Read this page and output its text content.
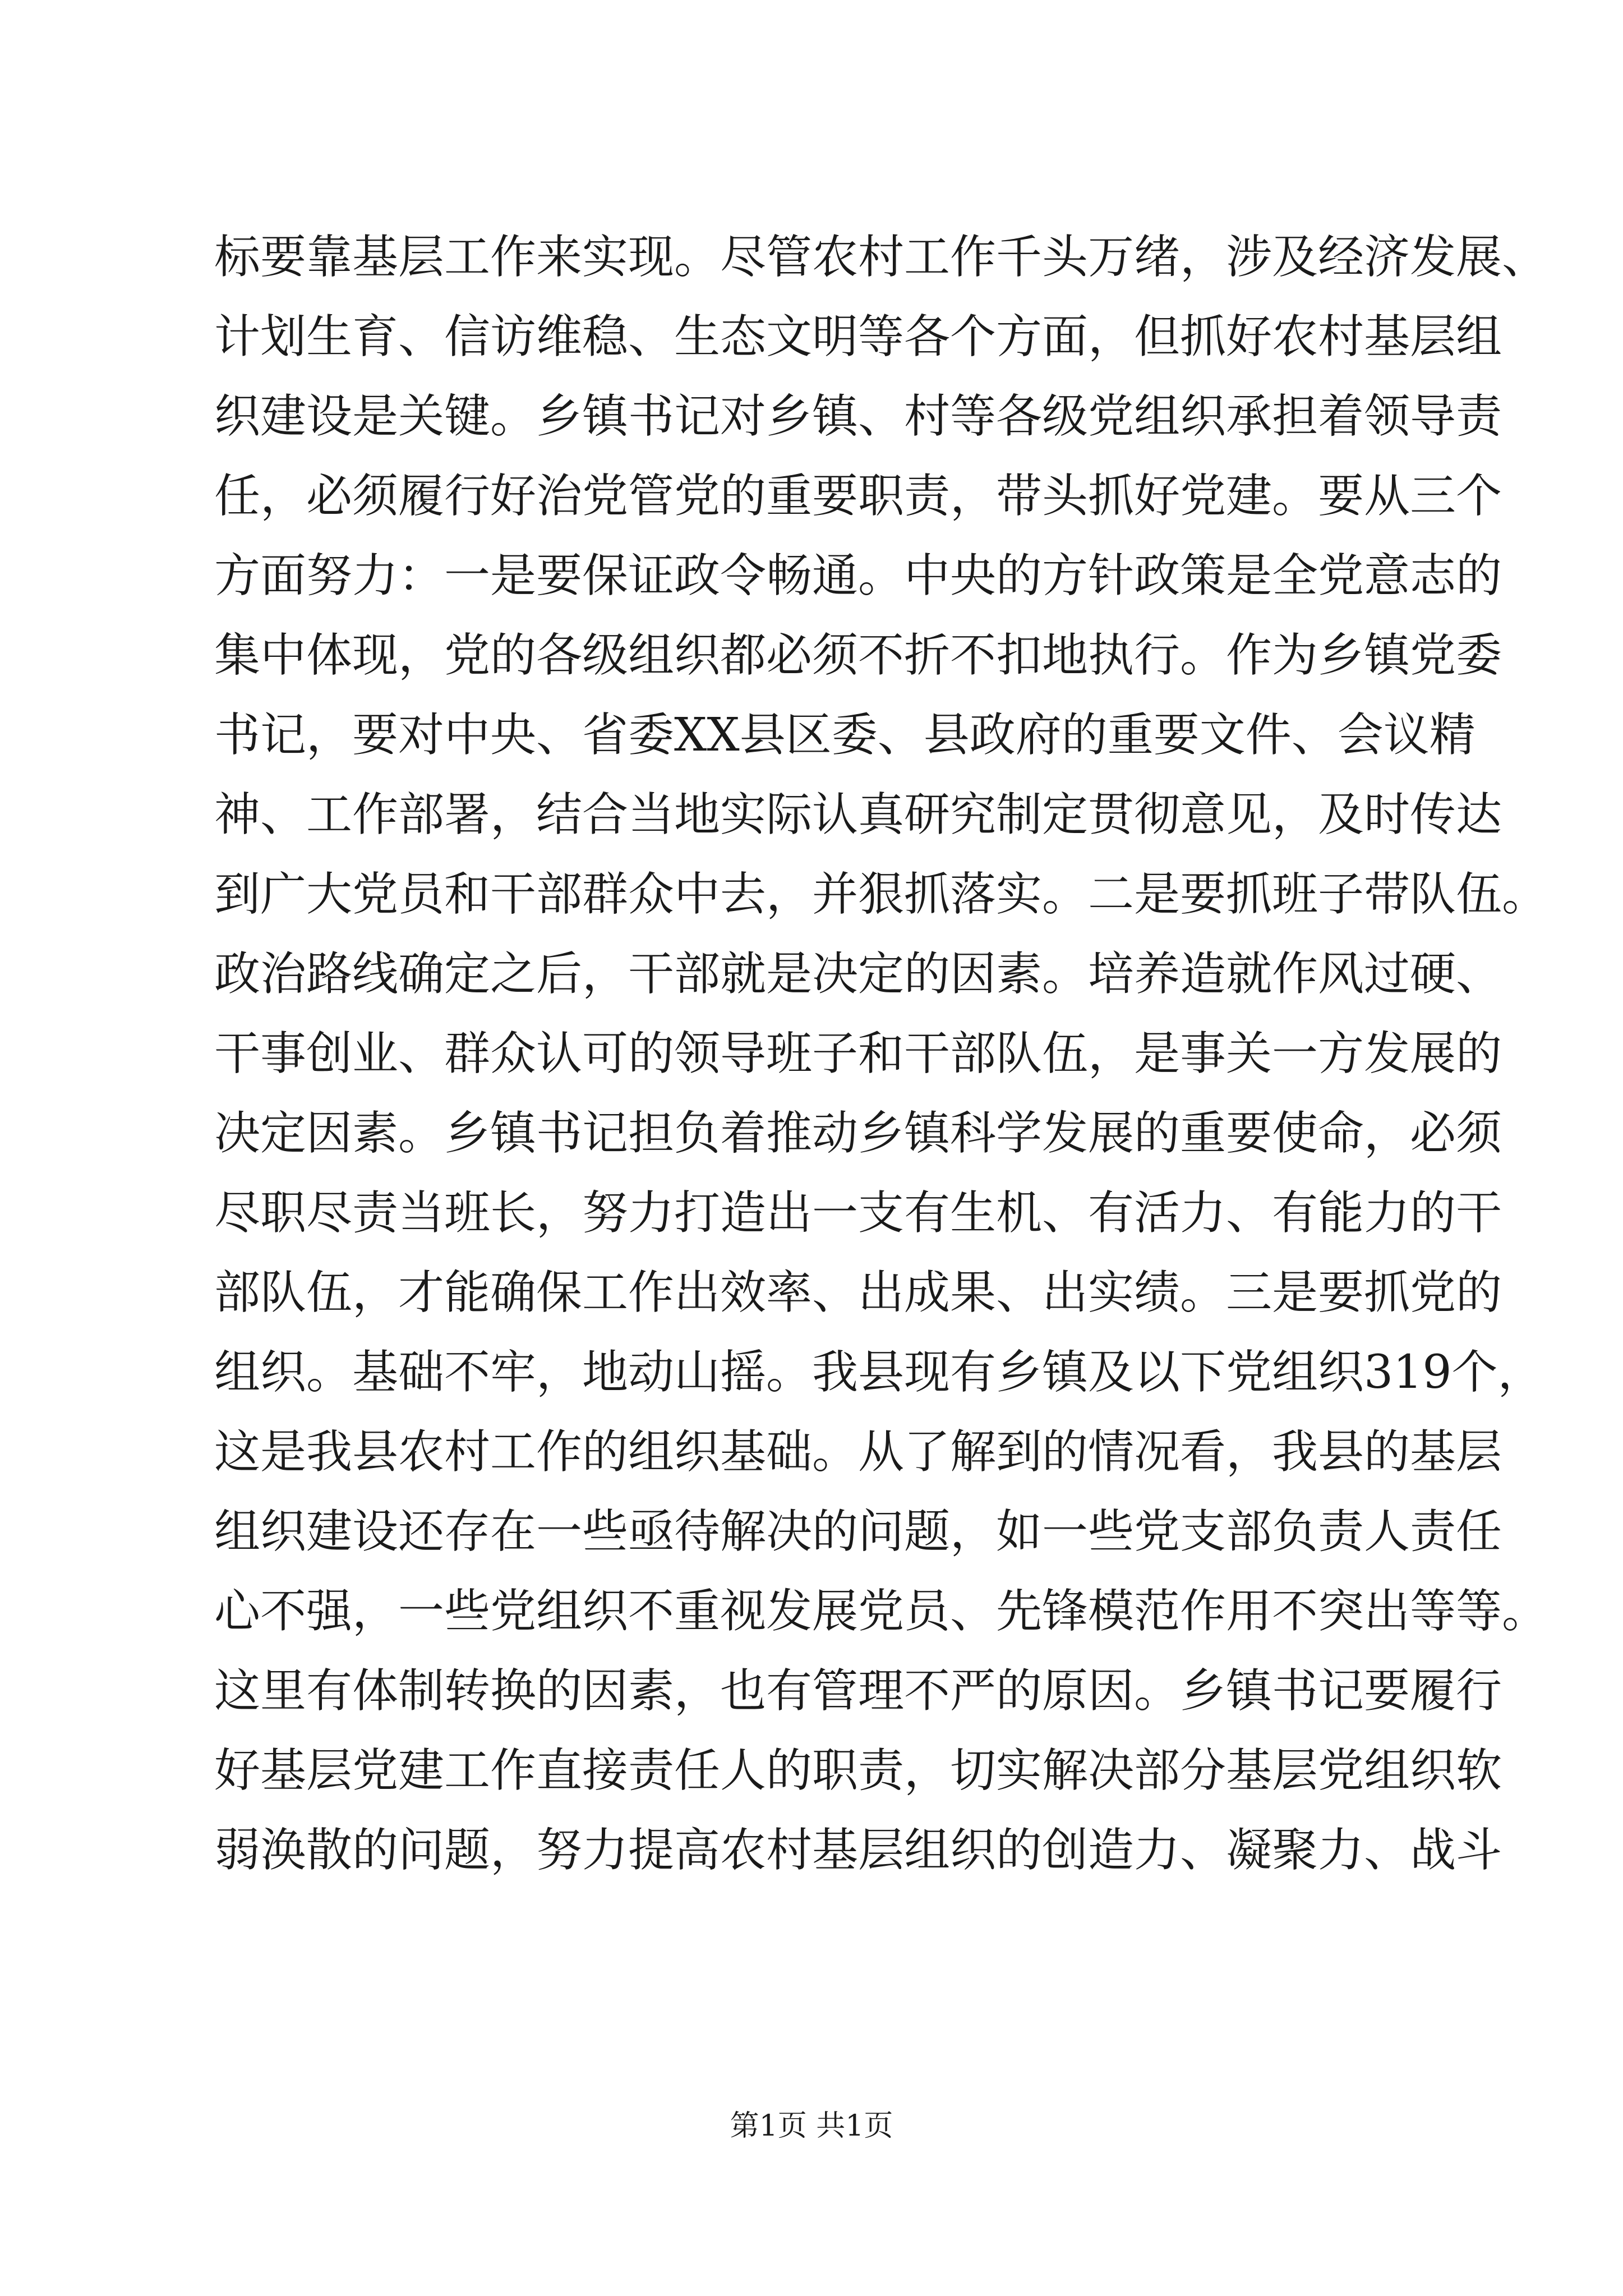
标要靠基层工作来实现。尽管农村工作千头万绪，涉及经济发展、
计划生育、信访维稳、生态文明等各个方面，但抓好农村基层组
织建设是关键。乡镇书记对乡镇、村等各级党组织承担着领导责
任，必须履行好治党管党的重要职责，带头抓好党建。要从三个
方面努力：一是要保证政令畅通。中央的方针政策是全党意志的
集中体现，党的各级组织都必须不折不扣地执行。作为乡镇党委
书记，要对中央、省委XX县区委、县政府的重要文件、会议精
神、工作部署，结合当地实际认真研究制定贯彻意见，及时传达
到广大党员和干部群众中去，并狠抓落实。二是要抓班子带队伍。
政治路线确定之后，干部就是决定的因素。培养造就作风过硬、
干事创业、群众认可的领导班子和干部队伍，是事关一方发展的
决定因素。乡镇书记担负着推动乡镇科学发展的重要使命，必须
尽职尽责当班长，努力打造出一支有生机、有活力、有能力的干
部队伍，才能确保工作出效率、出成果、出实绩。三是要抓党的
组织。基础不牢，地动山摇。我县现有乡镇及以下党组织319个，
这是我县农村工作的组织基础。从了解到的情况看，我县的基层
组织建设还存在一些亟待解决的问题，如一些党支部负责人责任
心不强，一些党组织不重视发展党员、先锋模范作用不突出等等。
这里有体制转换的因素，也有管理不严的原因。乡镇书记要履行
好基层党建工作直接责任人的职责，切实解决部分基层党组织软
弱涣散的问题，努力提高农村基层组织的创造力、凝聚力、战斗
第1页 共1页
